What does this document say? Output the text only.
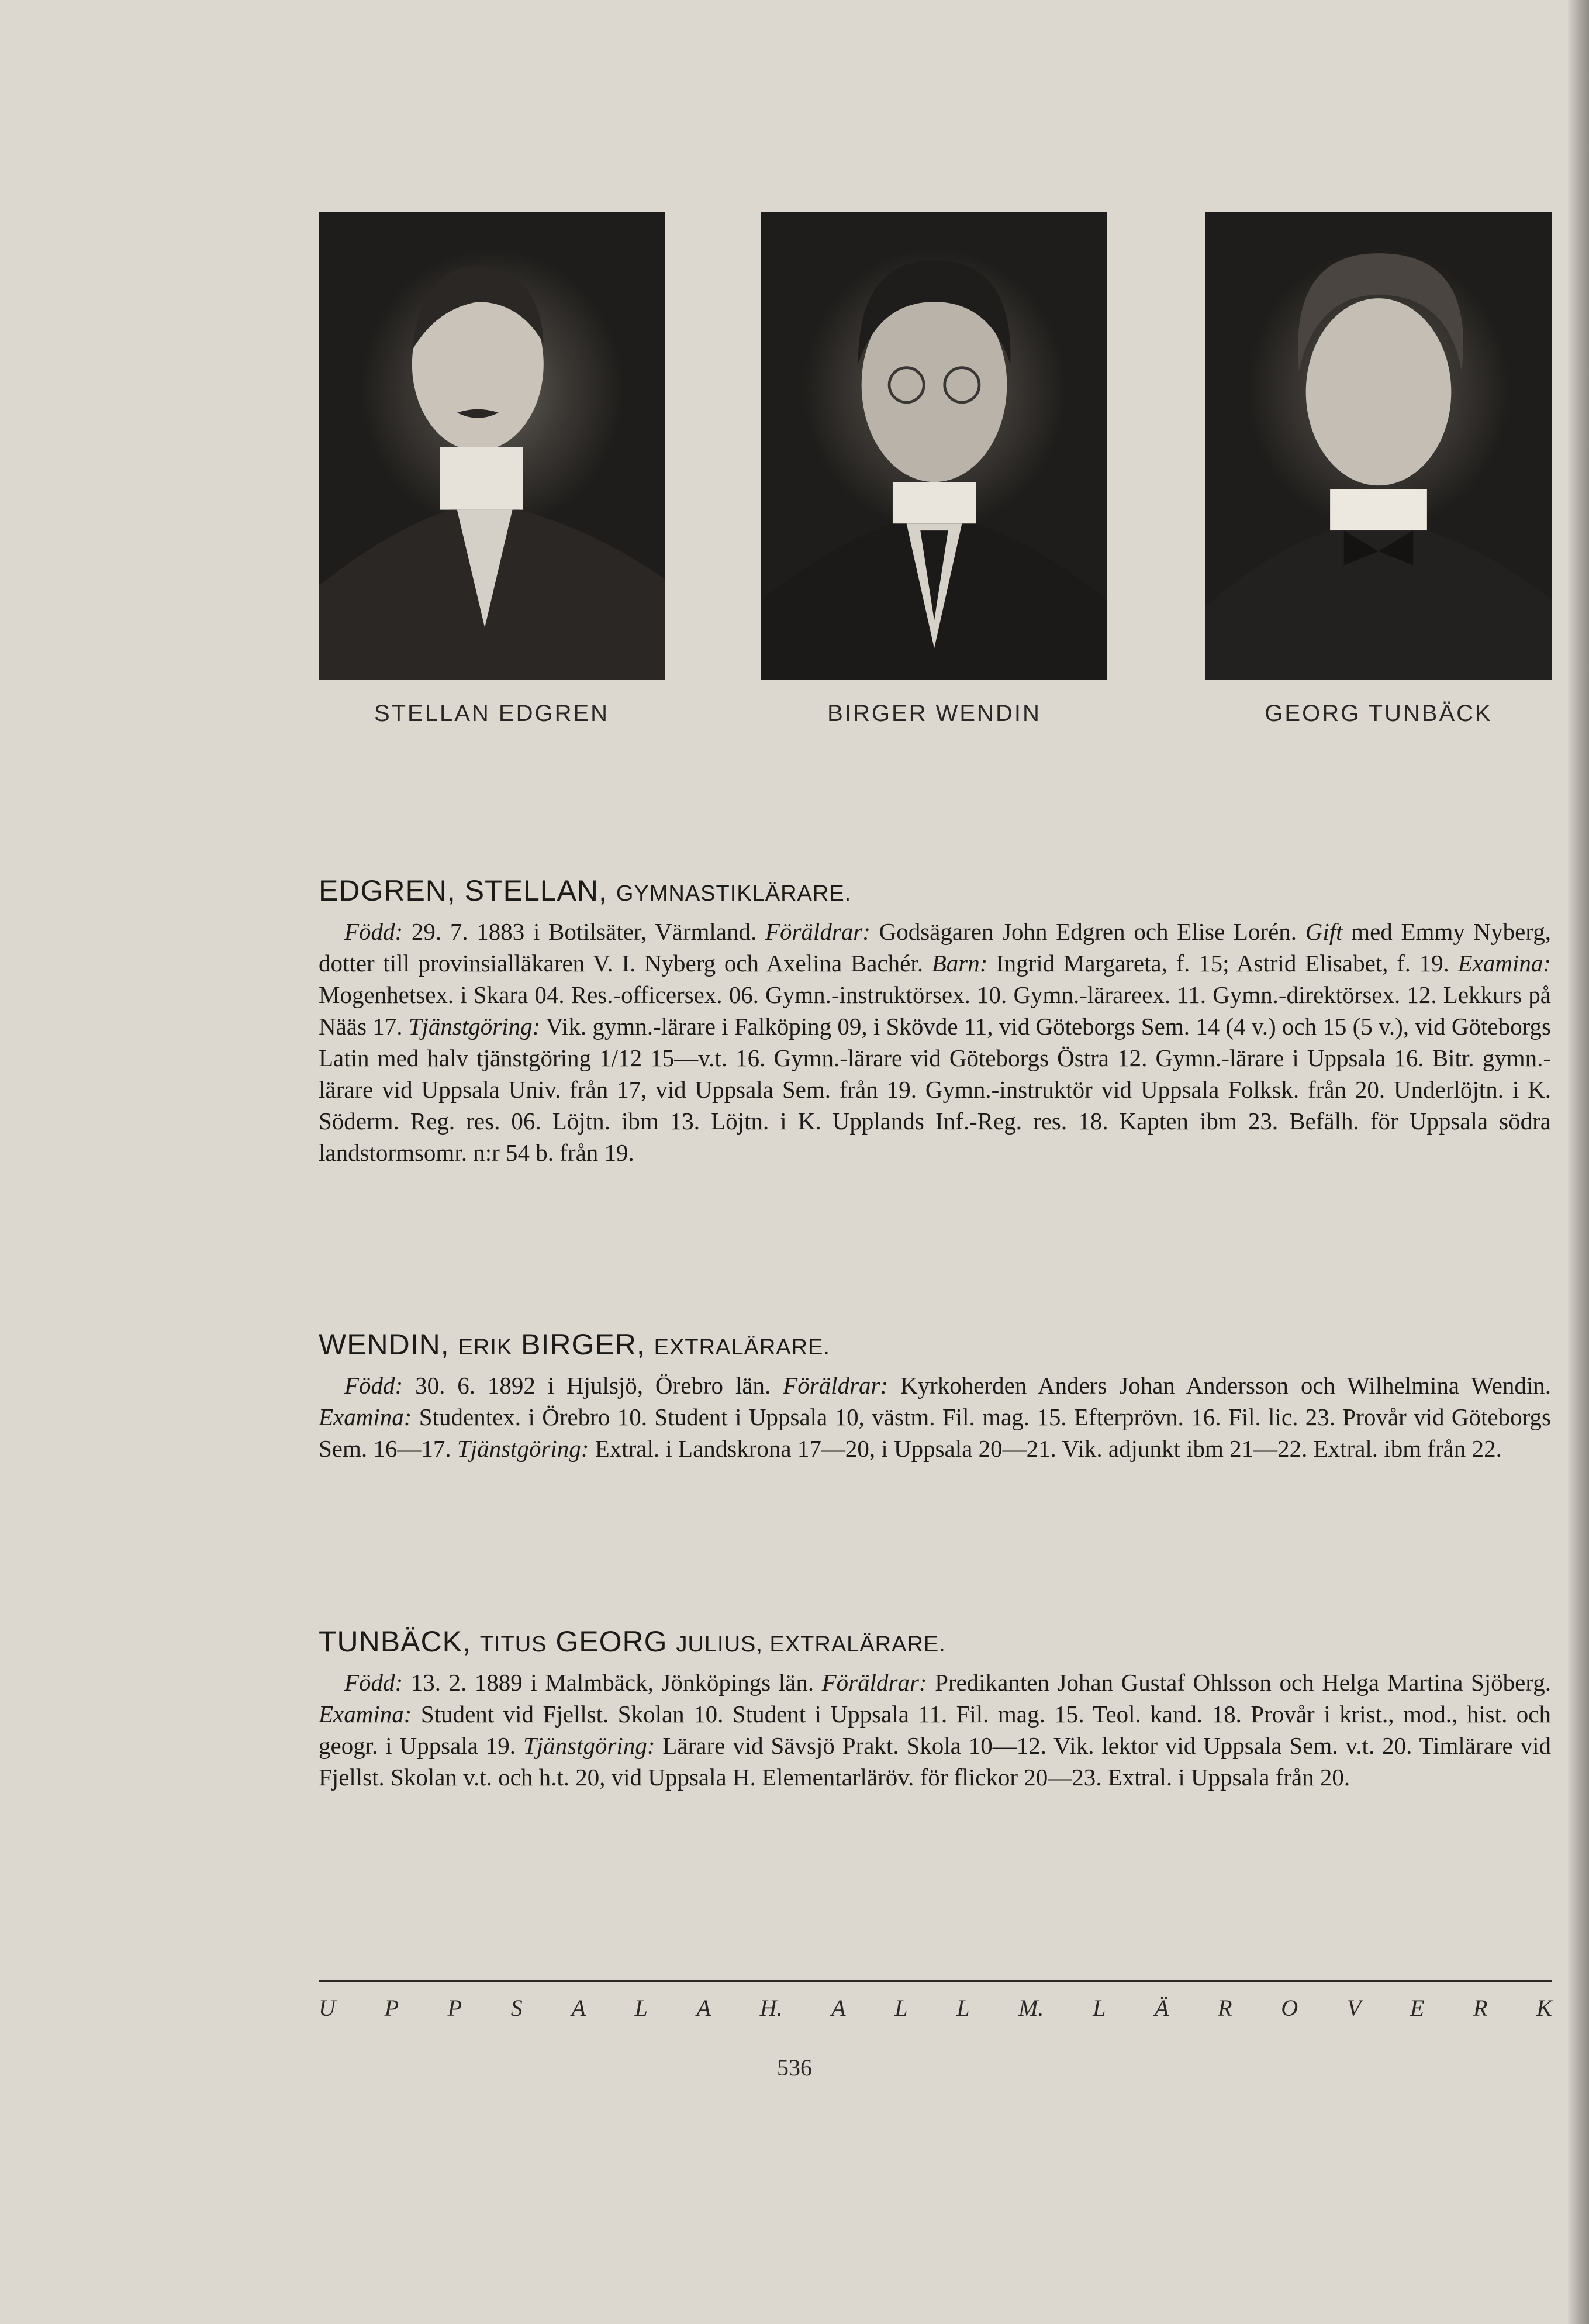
STELLAN EDGREN	BIRGER WENDIN	GEORG TUNBÄCK
EDGREN, STELLAN, GYMNASTIKLÄRARE.

Född: 29. 7. 1883 i Botilsäter, Värmland. Föräldrar: Godsägaren John Edgren och Elise Lorén. Gift med Emmy Nyberg, dotter till provinsialläkaren V. I. Nyberg och Axelina Bachér. Barn: Ingrid Margareta, f. 15; Astrid Elisabet, f. 19. Examina: Mogenhetsex. i Skara 04. Res.-officersex. 06. Gymn.-instruktörsex. 10. Gymn.-lärareex. 11. Gymn.-direktörsex. 12. Lekkurs på Nääs 17. Tjänstgöring: Vik. gymn.-lärare i Falköping 09, i Skövde 11, vid Göteborgs Sem. 14 (4 v.) och 15 (5 v.), vid Göteborgs Latin med halv tjänstgöring 1/12 15—v.t. 16. Gymn.-lärare vid Göteborgs Östra 12. Gymn.-lärare i Uppsala 16. Bitr. gymn.-lärare vid Uppsala Univ. från 17, vid Uppsala Sem. från 19. Gymn.-instruktör vid Uppsala Folksk. från 20. Underlöjtn. i K. Söderm. Reg. res. 06. Löjtn. ibm 13. Löjtn. i K. Upplands Inf.-Reg. res. 18. Kapten ibm 23. Befälh. för Uppsala södra landstormsomr. n:r 54 b. från 19.

WENDIN, ERIK BIRGER, EXTRALÄRARE.

Född: 30. 6. 1892 i Hjulsjö, Örebro län. Föräldrar: Kyrkoherden Anders Johan Andersson och Wilhelmina Wendin. Examina: Studentex. i Örebro 10. Student i Uppsala 10, västm. Fil. mag. 15. Efterprövn. 16. Fil. lic. 23. Provår vid Göteborgs Sem. 16—17. Tjänstgöring: Extral. i Landskrona 17—20, i Uppsala 20—21. Vik. adjunkt ibm 21—22. Extral. ibm från 22.

TUNBÄCK, TITUS GEORG JULIUS, EXTRALÄRARE.

Född: 13. 2. 1889 i Malmbäck, Jönköpings län. Föräldrar: Predikanten Johan Gustaf Ohlsson och Helga Martina Sjöberg. Examina: Student vid Fjellst. Skolan 10. Student i Uppsala 11. Fil. mag. 15. Teol. kand. 18. Provår i krist., mod., hist. och geogr. i Uppsala 19. Tjänstgöring: Lärare vid Sävsjö Prakt. Skola 10—12. Vik. lektor vid Uppsala Sem. v.t. 20. Timlärare vid Fjellst. Skolan v.t. och h.t. 20, vid Uppsala H. Elementarläröv. för flickor 20—23. Extral. i Uppsala från 20.

U P P S A L A H. A L L M. L Ä R O V E R K
536
